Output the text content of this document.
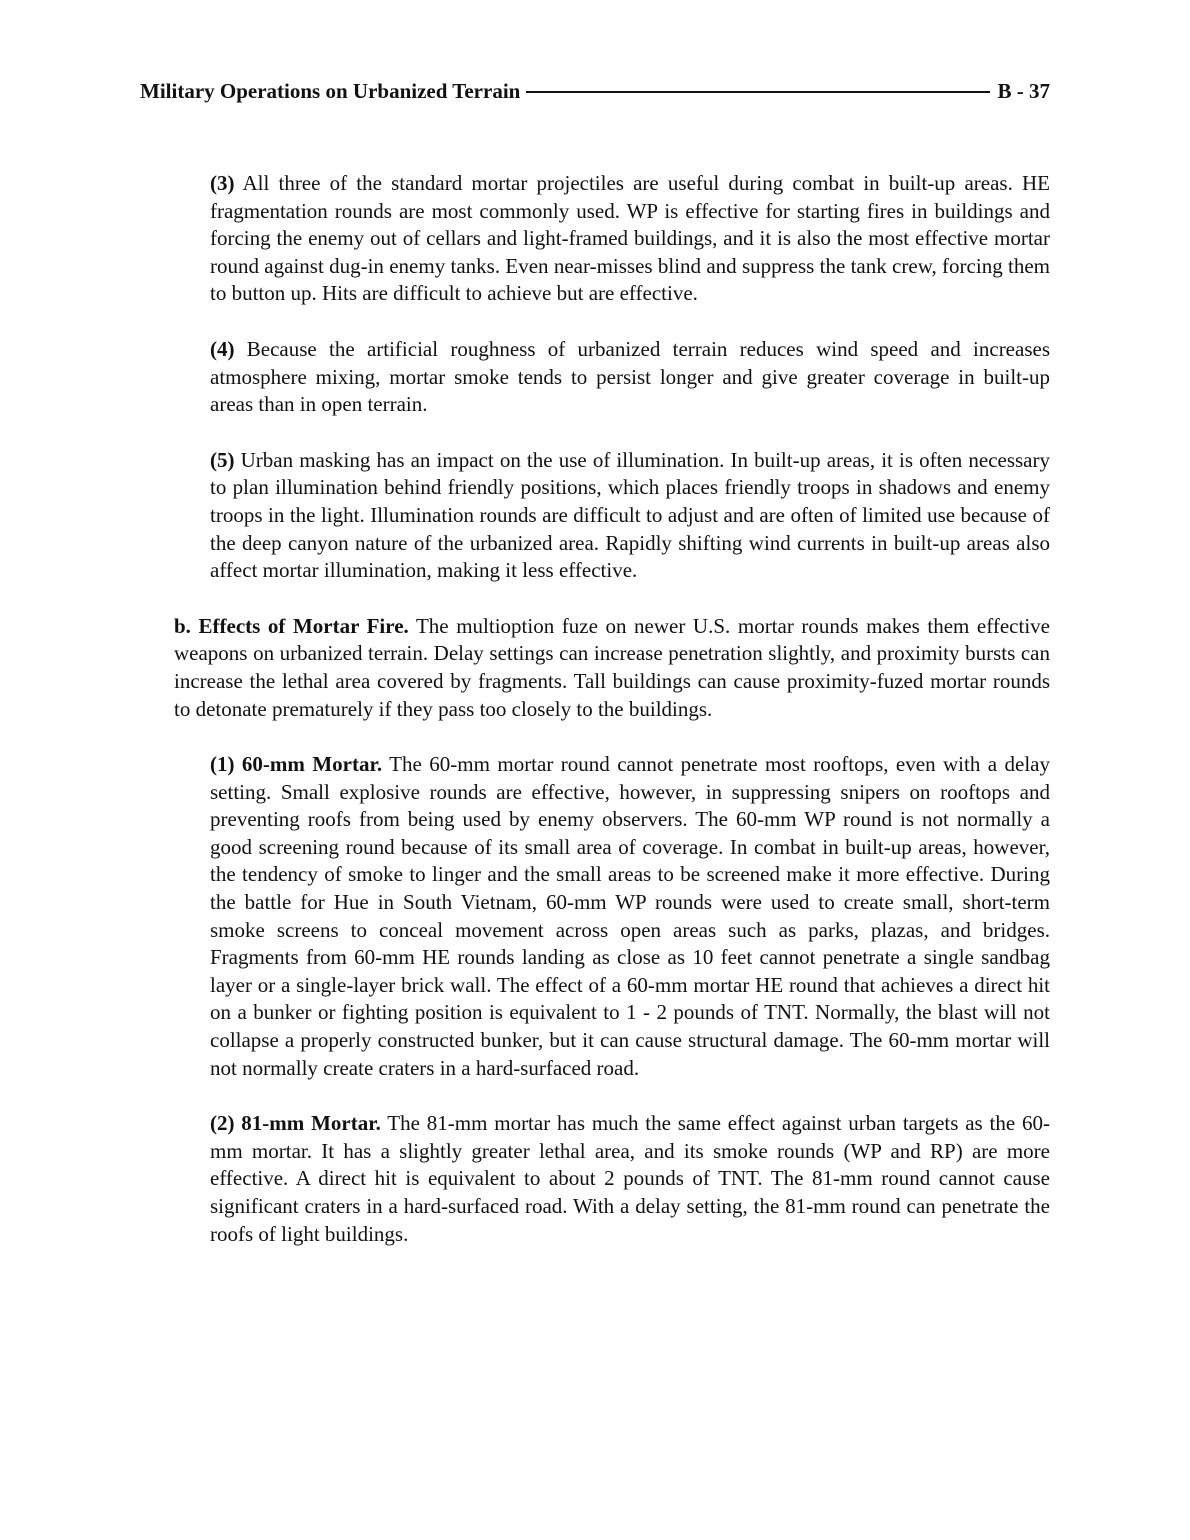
Military Operations on Urbanized Terrain	B - 37

(3) All three of the standard mortar projectiles are useful during combat in built-up areas. HE fragmentation rounds are most commonly used. WP is effective for starting fires in buildings and forcing the enemy out of cellars and light-framed buildings, and it is also the most effective mortar round against dug-in enemy tanks. Even near-misses blind and suppress the tank crew, forcing them to button up. Hits are difficult to achieve but are effective.

(4) Because the artificial roughness of urbanized terrain reduces wind speed and increases atmosphere mixing, mortar smoke tends to persist longer and give greater coverage in built-up areas than in open terrain.

(5) Urban masking has an impact on the use of illumination. In built-up areas, it is often necessary to plan illumination behind friendly positions, which places friendly troops in shadows and enemy troops in the light. Illumination rounds are difficult to adjust and are often of limited use because of the deep canyon nature of the urbanized area. Rapidly shifting wind currents in built-up areas also affect mortar illumination, making it less effective.

b. Effects of Mortar Fire. The multioption fuze on newer U.S. mortar rounds makes them effective weapons on urbanized terrain. Delay settings can increase penetration slightly, and proximity bursts can increase the lethal area covered by fragments. Tall buildings can cause proximity-fuzed mortar rounds to detonate prematurely if they pass too closely to the buildings.

(1) 60-mm Mortar. The 60-mm mortar round cannot penetrate most rooftops, even with a delay setting. Small explosive rounds are effective, however, in suppressing snipers on rooftops and preventing roofs from being used by enemy observers. The 60-mm WP round is not normally a good screening round because of its small area of coverage. In combat in built-up areas, however, the tendency of smoke to linger and the small areas to be screened make it more effective. During the battle for Hue in South Vietnam, 60-mm WP rounds were used to create small, short-term smoke screens to conceal movement across open areas such as parks, plazas, and bridges. Fragments from 60-mm HE rounds landing as close as 10 feet cannot penetrate a single sandbag layer or a single-layer brick wall. The effect of a 60-mm mortar HE round that achieves a direct hit on a bunker or fighting position is equivalent to 1 - 2 pounds of TNT. Normally, the blast will not collapse a properly constructed bunker, but it can cause structural damage. The 60-mm mortar will not normally create craters in a hard-surfaced road.

(2) 81-mm Mortar. The 81-mm mortar has much the same effect against urban targets as the 60-mm mortar. It has a slightly greater lethal area, and its smoke rounds (WP and RP) are more effective. A direct hit is equivalent to about 2 pounds of TNT. The 81-mm round cannot cause significant craters in a hard-surfaced road. With a delay setting, the 81-mm round can penetrate the roofs of light buildings.
